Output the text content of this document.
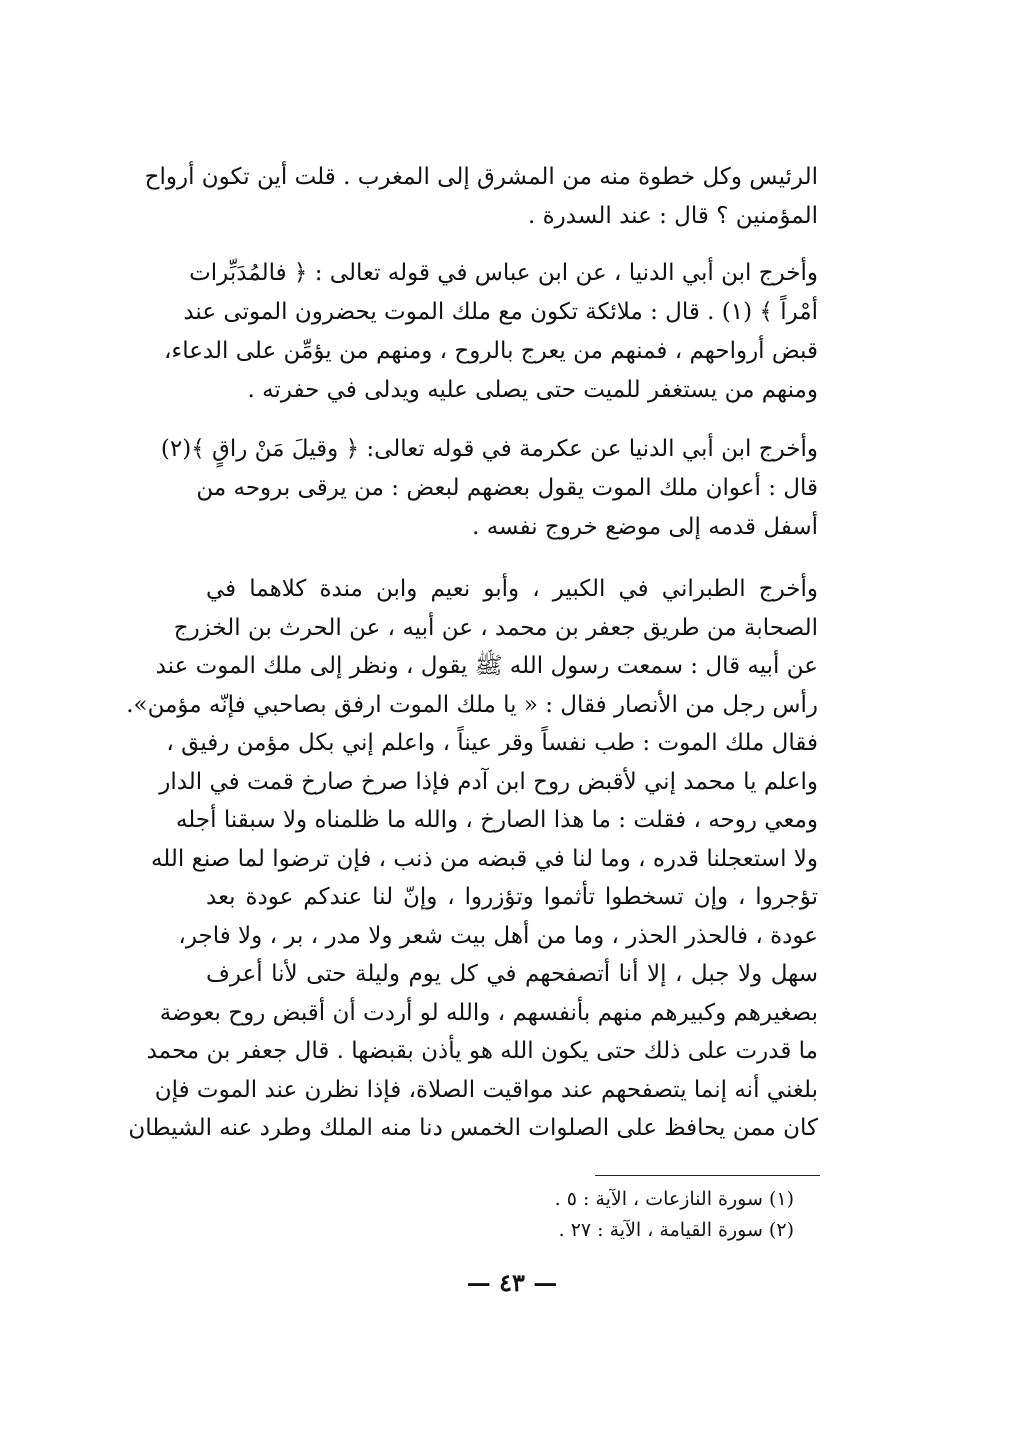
الرئيس وكل خطوة منه من المشرق إلى المغرب . قلت أين تكون أرواح
المؤمنين ؟ قال : عند السدرة .
وأخرج ابن أبي الدنيا ، عن ابن عباس في قوله تعالى : ﴿ فالمُدَبِّرات
أمْراً ﴾ (١) . قال : ملائكة تكون مع ملك الموت يحضرون الموتى عند
قبض أرواحهم ، فمنهم من يعرج بالروح ، ومنهم من يؤمِّن على الدعاء،
ومنهم من يستغفر للميت حتى يصلى عليه ويدلى في حفرته .
وأخرج ابن أبي الدنيا عن عكرمة في قوله تعالى: ﴿ وقيلَ مَنْ راقٍ ﴾(٢)
قال : أعوان ملك الموت يقول بعضهم لبعض : من يرقى بروحه من
أسفل قدمه إلى موضع خروج نفسه .
وأخرج الطبراني في الكبير ، وأبو نعيم وابن مندة كلاهما في
الصحابة من طريق جعفر بن محمد ، عن أبيه ، عن الحرث بن الخزرج
عن أبيه قال : سمعت رسول الله ﷺ يقول ، ونظر إلى ملك الموت عند
رأس رجل من الأنصار فقال : « يا ملك الموت ارفق بصاحبي فإنّه مؤمن».
فقال ملك الموت : طب نفساً وقر عيناً ، واعلم إني بكل مؤمن رفيق ،
واعلم يا محمد إني لأقبض روح ابن آدم فإذا صرخ صارخ قمت في الدار
ومعي روحه ، فقلت : ما هذا الصارخ ، والله ما ظلمناه ولا سبقنا أجله
ولا استعجلنا قدره ، وما لنا في قبضه من ذنب ، فإن ترضوا لما صنع الله
تؤجروا ، وإن تسخطوا تأثموا وتؤزروا ، وإنّ لنا عندكم عودة بعد
عودة ، فالحذر الحذر ، وما من أهل بيت شعر ولا مدر ، بر ، ولا فاجر،
سهل ولا جبل ، إلا أنا أتصفحهم في كل يوم وليلة حتى لأنا أعرف
بصغيرهم وكبيرهم منهم بأنفسهم ، والله لو أردت أن أقبض روح بعوضة
ما قدرت على ذلك حتى يكون الله هو يأذن بقبضها . قال جعفر بن محمد
بلغني أنه إنما يتصفحهم عند مواقيت الصلاة، فإذا نظرن عند الموت فإن
كان ممن يحافظ على الصلوات الخمس دنا منه الملك وطرد عنه الشيطان
(١) سورة النازعات ، الآية : ٥ .
(٢) سورة القيامة ، الآية : ٢٧ .
— ٤٣ —
